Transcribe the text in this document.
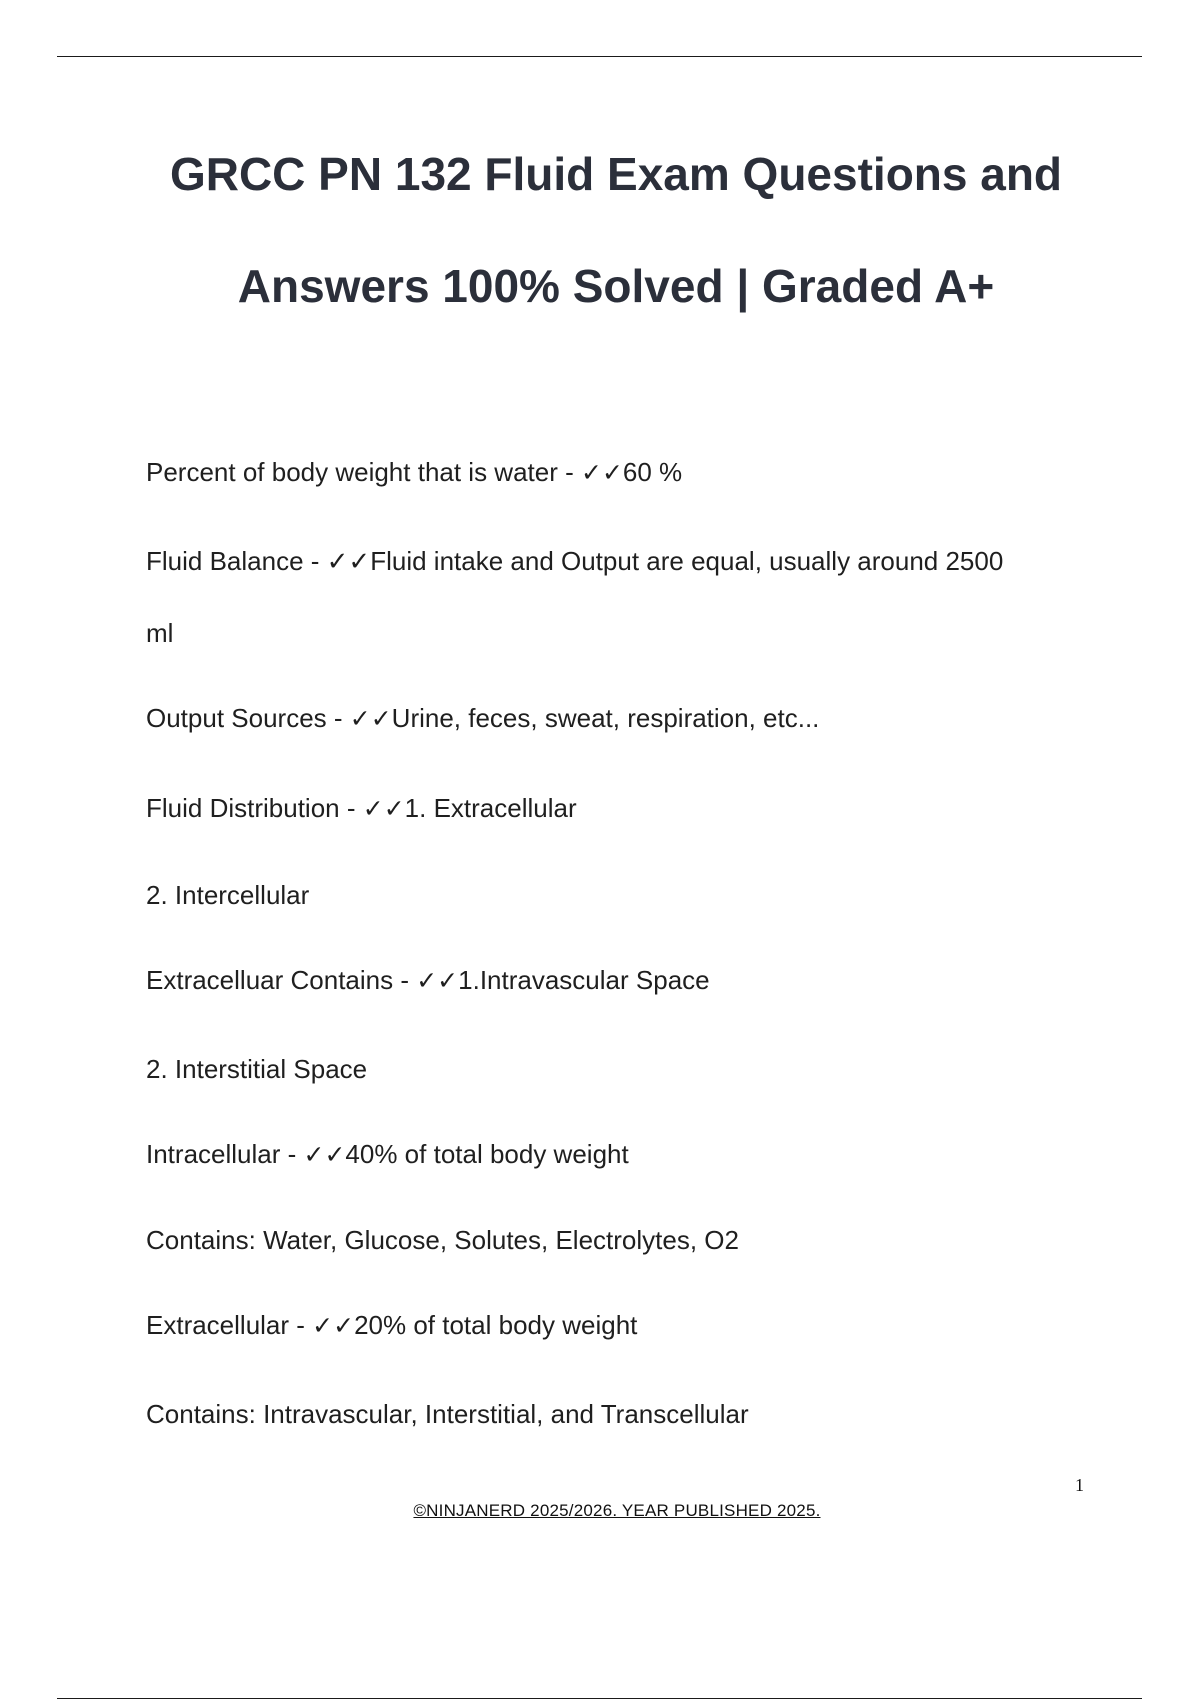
GRCC PN 132 Fluid Exam Questions and Answers 100% Solved | Graded A+
Percent of body weight that is water - ✓✓60 %
Fluid Balance - ✓✓Fluid intake and Output are equal, usually around 2500
ml
Output Sources - ✓✓Urine, feces, sweat, respiration, etc...
Fluid Distribution - ✓✓1. Extracellular
2. Intercellular
Extracelluar Contains - ✓✓1.Intravascular Space
2. Interstitial Space
Intracellular - ✓✓40% of total body weight
Contains: Water, Glucose, Solutes, Electrolytes, O2
Extracellular - ✓✓20% of total body weight
Contains: Intravascular, Interstitial, and Transcellular
1
©NINJANERD 2025/2026. YEAR PUBLISHED 2025.
